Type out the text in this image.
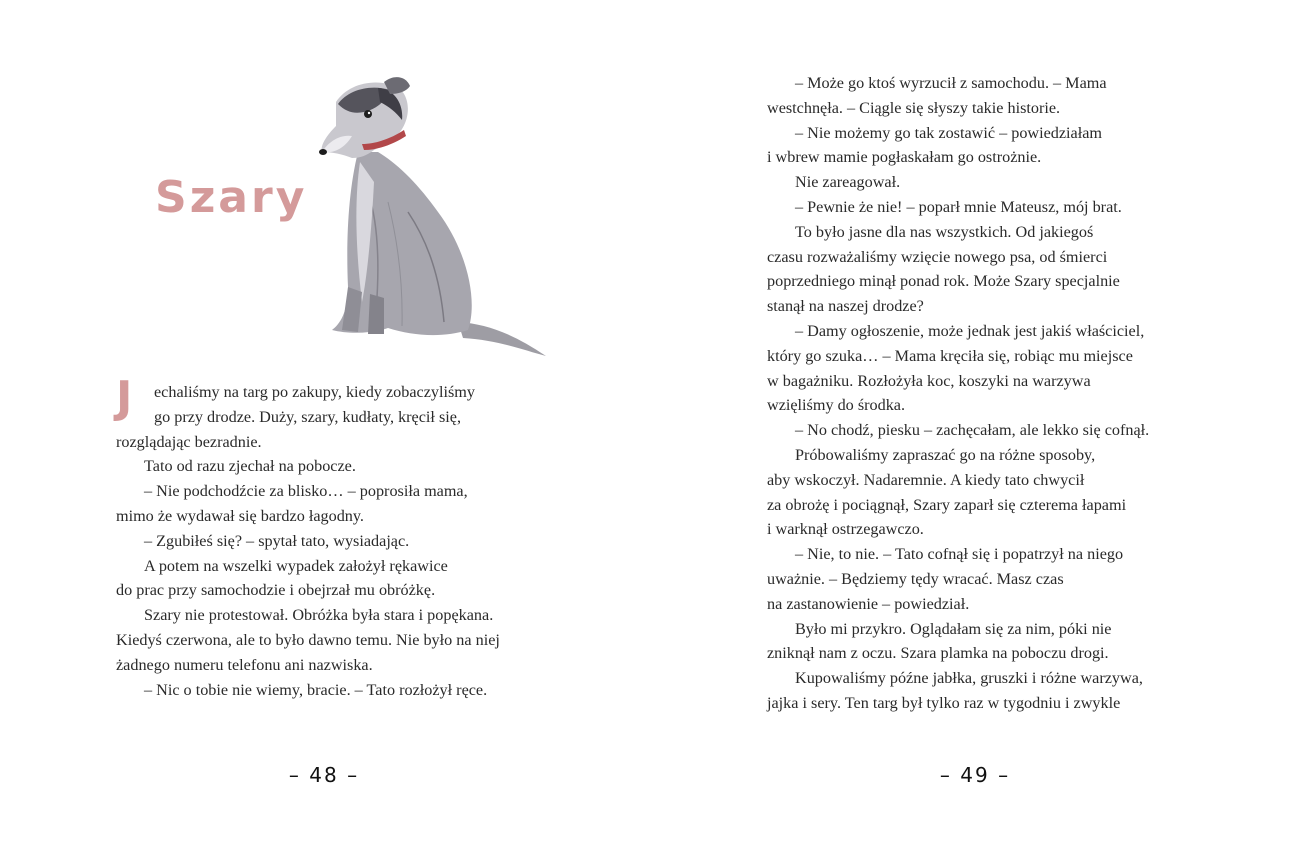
Szary
J	echaliśmy na targ po zakupy, kiedy zobaczyliśmy

go przy drodze. Duży, szary, kudłaty, kręcił się,

rozglądając bezradnie.

Tato od razu zjechał na pobocze.

– Nie podchodźcie za blisko… – poprosiła mama,

mimo że wydawał się bardzo łagodny.

– Zgubiłeś się? – spytał tato, wysiadając.

A potem na wszelki wypadek założył rękawice

do prac przy samochodzie i obejrzał mu obróżkę.

Szary nie protestował. Obróżka była stara i popękana.

Kiedyś czerwona, ale to było dawno temu. Nie było na niej

żadnego numeru telefonu ani nazwiska.

– Nic o tobie nie wiemy, bracie. – Tato rozłożył ręce.

– 48 –

– Może go ktoś wyrzucił z samochodu. – Mama

westchnęła. – Ciągle się słyszy takie historie.

– Nie możemy go tak zostawić – powiedziałam

i wbrew mamie pogłaskałam go ostrożnie.

Nie zareagował.

– Pewnie że nie! – poparł mnie Mateusz, mój brat.

To było jasne dla nas wszystkich. Od jakiegoś

czasu rozważaliśmy wzięcie nowego psa, od śmierci

poprzedniego minął ponad rok. Może Szary specjalnie

stanął na naszej drodze?

– Damy ogłoszenie, może jednak jest jakiś właściciel,

który go szuka… – Mama kręciła się, robiąc mu miejsce

w bagażniku. Rozłożyła koc, koszyki na warzywa

wzięliśmy do środka.

– No chodź, piesku – zachęcałam, ale lekko się cofnął.

Próbowaliśmy zapraszać go na różne sposoby,

aby wskoczył. Nadaremnie. A kiedy tato chwycił

za obrożę i pociągnął, Szary zaparł się czterema łapami

i warknął ostrzegawczo.

– Nie, to nie. – Tato cofnął się i popatrzył na niego

uważnie. – Będziemy tędy wracać. Masz czas

na zastanowienie – powiedział.

Było mi przykro. Oglądałam się za nim, póki nie

zniknął nam z oczu. Szara plamka na poboczu drogi.

Kupowaliśmy późne jabłka, gruszki i różne warzywa,

jajka i sery. Ten targ był tylko raz w tygodniu i zwykle

– 49 –
